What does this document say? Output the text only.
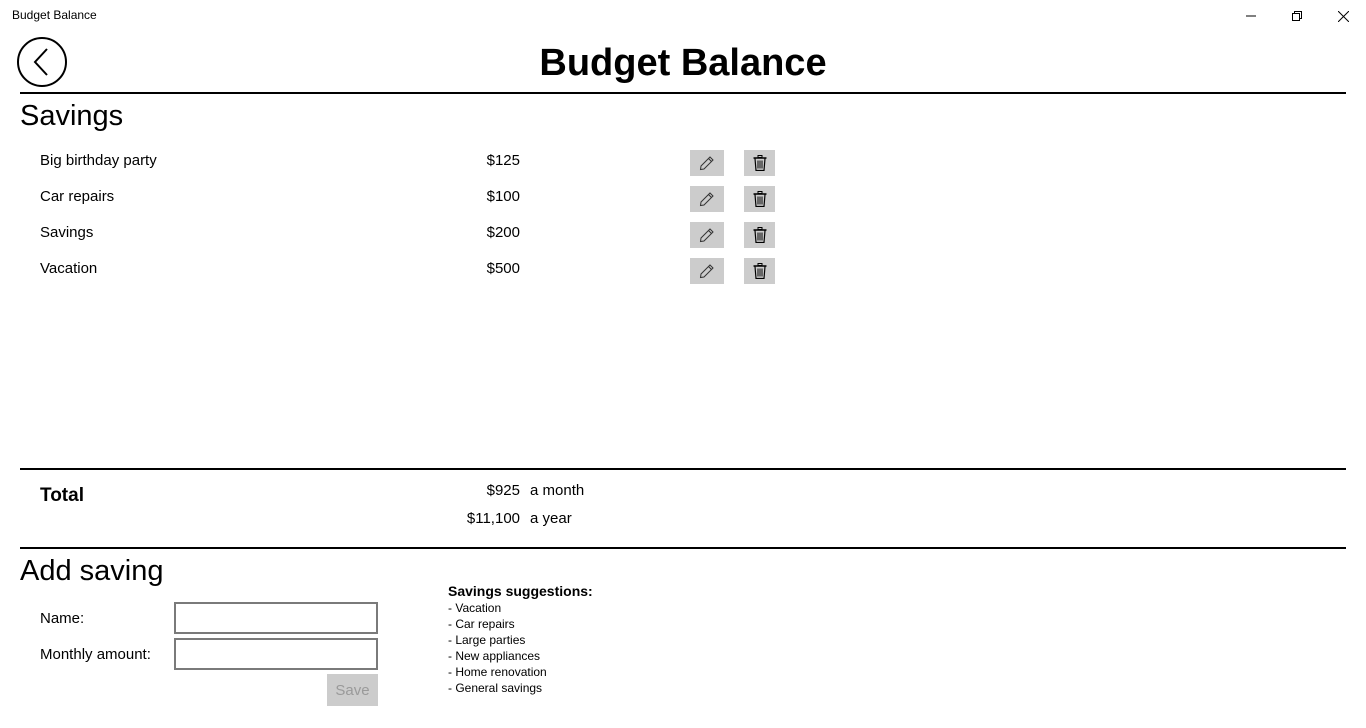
Budget Balance
Budget Balance
Savings
Big birthday party	$125
Car repairs	$100
Savings	$200
Vacation	$500
Total	$925 a month
$11,100 a year
Add saving
Name:
Monthly amount:
Save
Savings suggestions:
- Vacation
- Car repairs
- Large parties
- New appliances
- Home renovation
- General savings
